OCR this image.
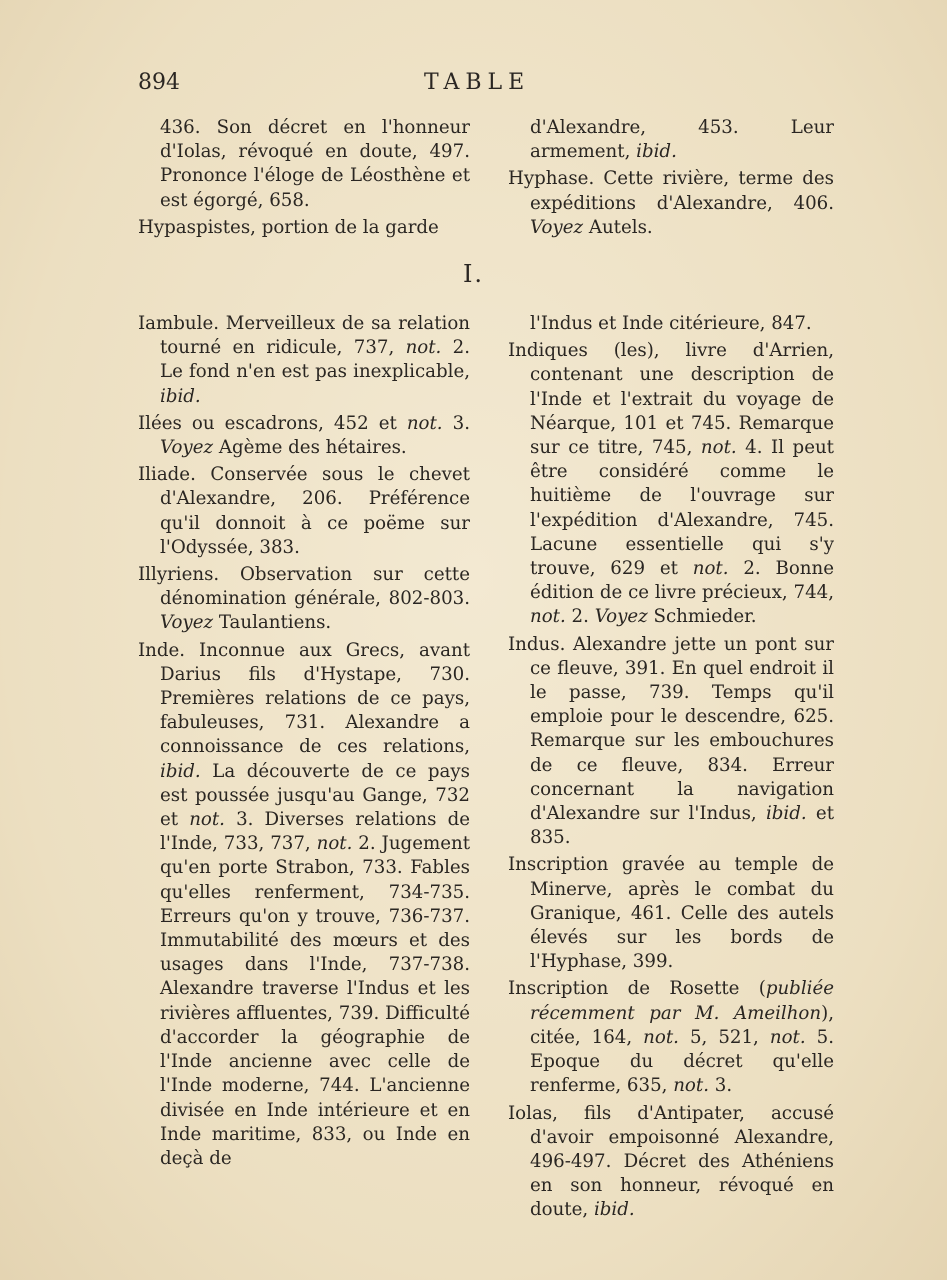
894	TABLE

436. Son décret en l'honneur d'Iolas, révoqué en doute, 497. Prononce l'éloge de Léosthène et est égorgé, 658.

Hypaspistes, portion de la garde

d'Alexandre, 453. Leur armement, ibid.

Hyphase. Cette rivière, terme des expéditions d'Alexandre, 406. Voyez Autels.

I.

Iambule. Merveilleux de sa relation tourné en ridicule, 737, not. 2. Le fond n'en est pas inexplicable, ibid.

Ilées ou escadrons, 452 et not. 3. Voyez Agème des hétaires.

Iliade. Conservée sous le chevet d'Alexandre, 206. Préférence qu'il donnoit à ce poëme sur l'Odyssée, 383.

Illyriens. Observation sur cette dénomination générale, 802-803. Voyez Taulantiens.

Inde. Inconnue aux Grecs, avant Darius fils d'Hystape, 730. Premières relations de ce pays, fabuleuses, 731. Alexandre a connoissance de ces relations, ibid. La découverte de ce pays est poussée jusqu'au Gange, 732 et not. 3. Diverses relations de l'Inde, 733, 737, not. 2. Jugement qu'en porte Strabon, 733. Fables qu'elles renferment, 734-735. Erreurs qu'on y trouve, 736-737. Immutabilité des mœurs et des usages dans l'Inde, 737-738. Alexandre traverse l'Indus et les rivières affluentes, 739. Difficulté d'accorder la géographie de l'Inde ancienne avec celle de l'Inde moderne, 744. L'ancienne divisée en Inde intérieure et en Inde maritime, 833, ou Inde en deçà de

l'Indus et Inde citérieure, 847.

Indiques (les), livre d'Arrien, contenant une description de l'Inde et l'extrait du voyage de Néarque, 101 et 745. Remarque sur ce titre, 745, not. 4. Il peut être considéré comme le huitième de l'ouvrage sur l'expédition d'Alexandre, 745. Lacune essentielle qui s'y trouve, 629 et not. 2. Bonne édition de ce livre précieux, 744, not. 2. Voyez Schmieder.

Indus. Alexandre jette un pont sur ce fleuve, 391. En quel endroit il le passe, 739. Temps qu'il emploie pour le descendre, 625. Remarque sur les embouchures de ce fleuve, 834. Erreur concernant la navigation d'Alexandre sur l'Indus, ibid. et 835.

Inscription gravée au temple de Minerve, après le combat du Granique, 461. Celle des autels élevés sur les bords de l'Hyphase, 399.

Inscription de Rosette (publiée récemment par M. Ameilhon), citée, 164, not. 5, 521, not. 5. Epoque du décret qu'elle renferme, 635, not. 3.

Iolas, fils d'Antipater, accusé d'avoir empoisonné Alexandre, 496-497. Décret des Athéniens en son honneur, révoqué en doute, ibid.
